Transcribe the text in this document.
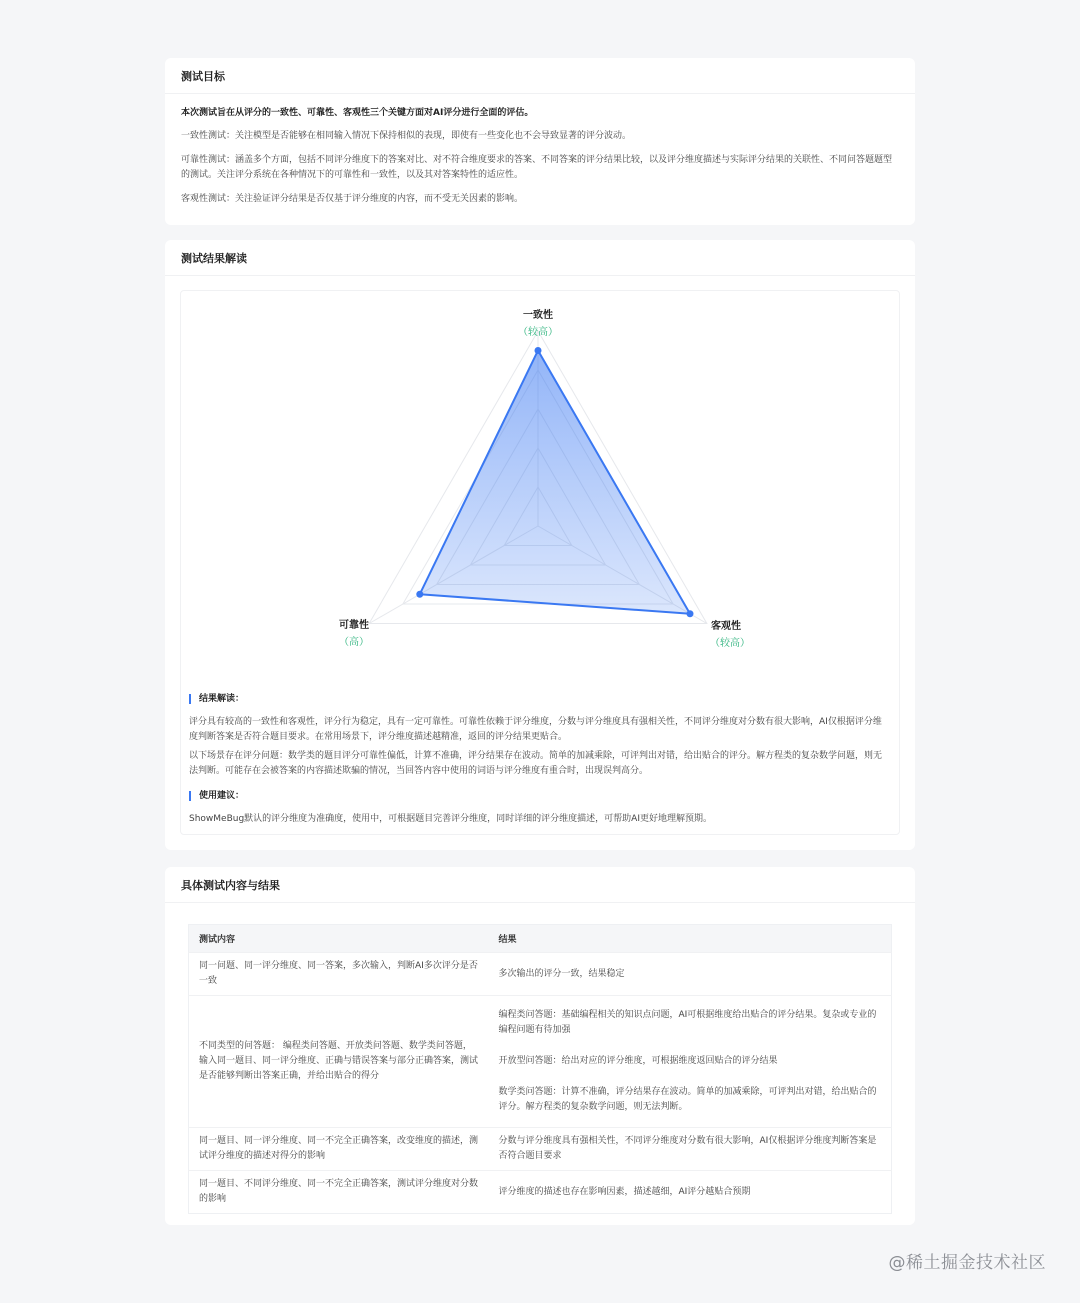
测试目标

本次测试旨在从评分的一致性、可靠性、客观性三个关键方面对AI评分进行全面的评估。

一致性测试：关注模型是否能够在相同输入情况下保持相似的表现，即使有一些变化也不会导致显著的评分波动。

可靠性测试：涵盖多个方面，包括不同评分维度下的答案对比、对不符合维度要求的答案、不同答案的评分结果比较，以及评分维度描述与实际评分结果的关联性、不同问答题题型的测试。关注评分系统在各种情况下的可靠性和一致性，以及其对答案特性的适应性。

客观性测试：关注验证评分结果是否仅基于评分维度的内容，而不受无关因素的影响。

测试结果解读
一致性
（较高）
客观性
（较高）
可靠性
（高）
结果解读：
评分具有较高的一致性和客观性，评分行为稳定，具有一定可靠性。可靠性依赖于评分维度，分数与评分维度具有强相关性，不同评分维度对分数有很大影响，AI仅根据评分维度判断答案是否符合题目要求。在常用场景下，评分维度描述越精准，返回的评分结果更贴合。
以下场景存在评分问题：数学类的题目评分可靠性偏低，计算不准确，评分结果存在波动。简单的加减乘除，可评判出对错，给出贴合的评分。解方程类的复杂数学问题，则无法判断。可能存在会被答案的内容描述欺骗的情况，当回答内容中使用的词语与评分维度有重合时，出现误判高分。
使用建议：
ShowMeBug默认的评分维度为准确度，使用中，可根据题目完善评分维度，同时详细的评分维度描述，可帮助AI更好地理解预期。
具体测试内容与结果
测试内容	结果
同一问题、同一评分维度、同一答案，多次输入，判断AI多次评分是否一致	多次输出的评分一致，结果稳定
不同类型的问答题： 编程类问答题、开放类问答题、数学类问答题，输入同一题目、同一评分维度、正确与错误答案与部分正确答案，测试是否能够判断出答案正确，并给出贴合的得分	编程类问答题：基础编程相关的知识点问题，AI可根据维度给出贴合的评分结果。复杂或专业的编程问题有待加强
开放型问答题：给出对应的评分维度，可根据维度返回贴合的评分结果
数学类问答题：计算不准确，评分结果存在波动。简单的加减乘除，可评判出对错，给出贴合的评分。解方程类的复杂数学问题，则无法判断。

同一题目、同一评分维度、同一不完全正确答案，改变维度的描述，测试评分维度的描述对得分的影响	分数与评分维度具有强相关性，不同评分维度对分数有很大影响，AI仅根据评分维度判断答案是否符合题目要求
同一题目、不同评分维度、同一不完全正确答案，测试评分维度对分数的影响	评分维度的描述也存在影响因素，描述越细，AI评分越贴合预期
@稀土掘金技术社区
